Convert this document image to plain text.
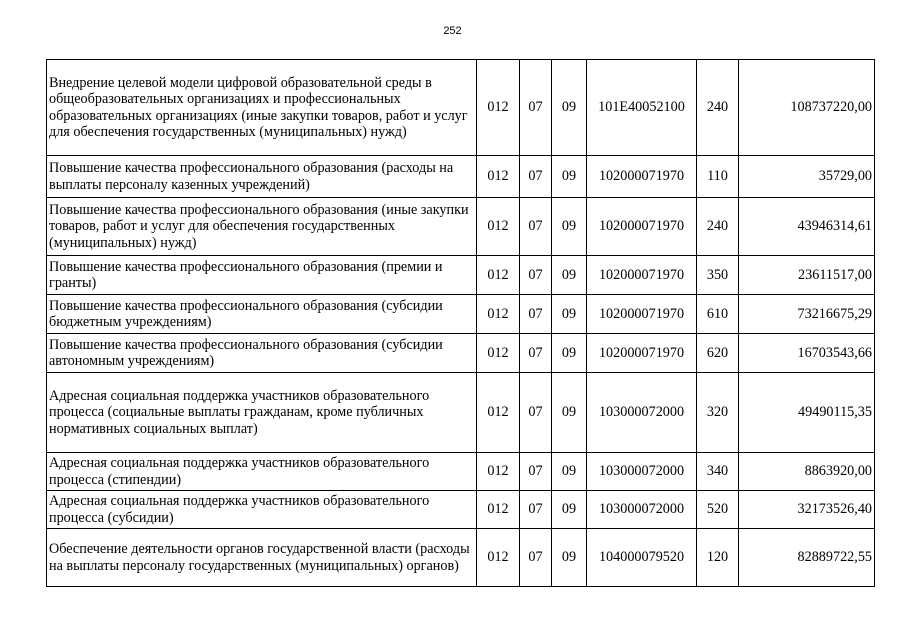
252
Внедрение целевой модели цифровой образовательной среды в общеобразовательных организациях и профессиональных образовательных организациях (иные закупки товаров, работ и услуг для обеспечения государственных (муниципальных) нужд)	012	07	09	101E40052100	240	108737220,00
Повышение качества профессионального образования (расходы на выплаты персоналу казенных учреждений)	012	07	09	102000071970	110	35729,00
Повышение качества профессионального образования (иные закупки товаров, работ и услуг для обеспечения государственных (муниципальных) нужд)	012	07	09	102000071970	240	43946314,61
Повышение качества профессионального образования (премии и гранты)	012	07	09	102000071970	350	23611517,00
Повышение качества профессионального образования (субсидии бюджетным учреждениям)	012	07	09	102000071970	610	73216675,29
Повышение качества профессионального образования (субсидии автономным учреждениям)	012	07	09	102000071970	620	16703543,66
Адресная социальная поддержка участников образовательного процесса (социальные выплаты гражданам, кроме публичных нормативных социальных выплат)	012	07	09	103000072000	320	49490115,35
Адресная социальная поддержка участников образовательного процесса (стипендии)	012	07	09	103000072000	340	8863920,00
Адресная социальная поддержка участников образовательного процесса (субсидии)	012	07	09	103000072000	520	32173526,40
Обеспечение деятельности органов государственной власти (расходы на выплаты персоналу государственных (муниципальных) органов)	012	07	09	104000079520	120	82889722,55
